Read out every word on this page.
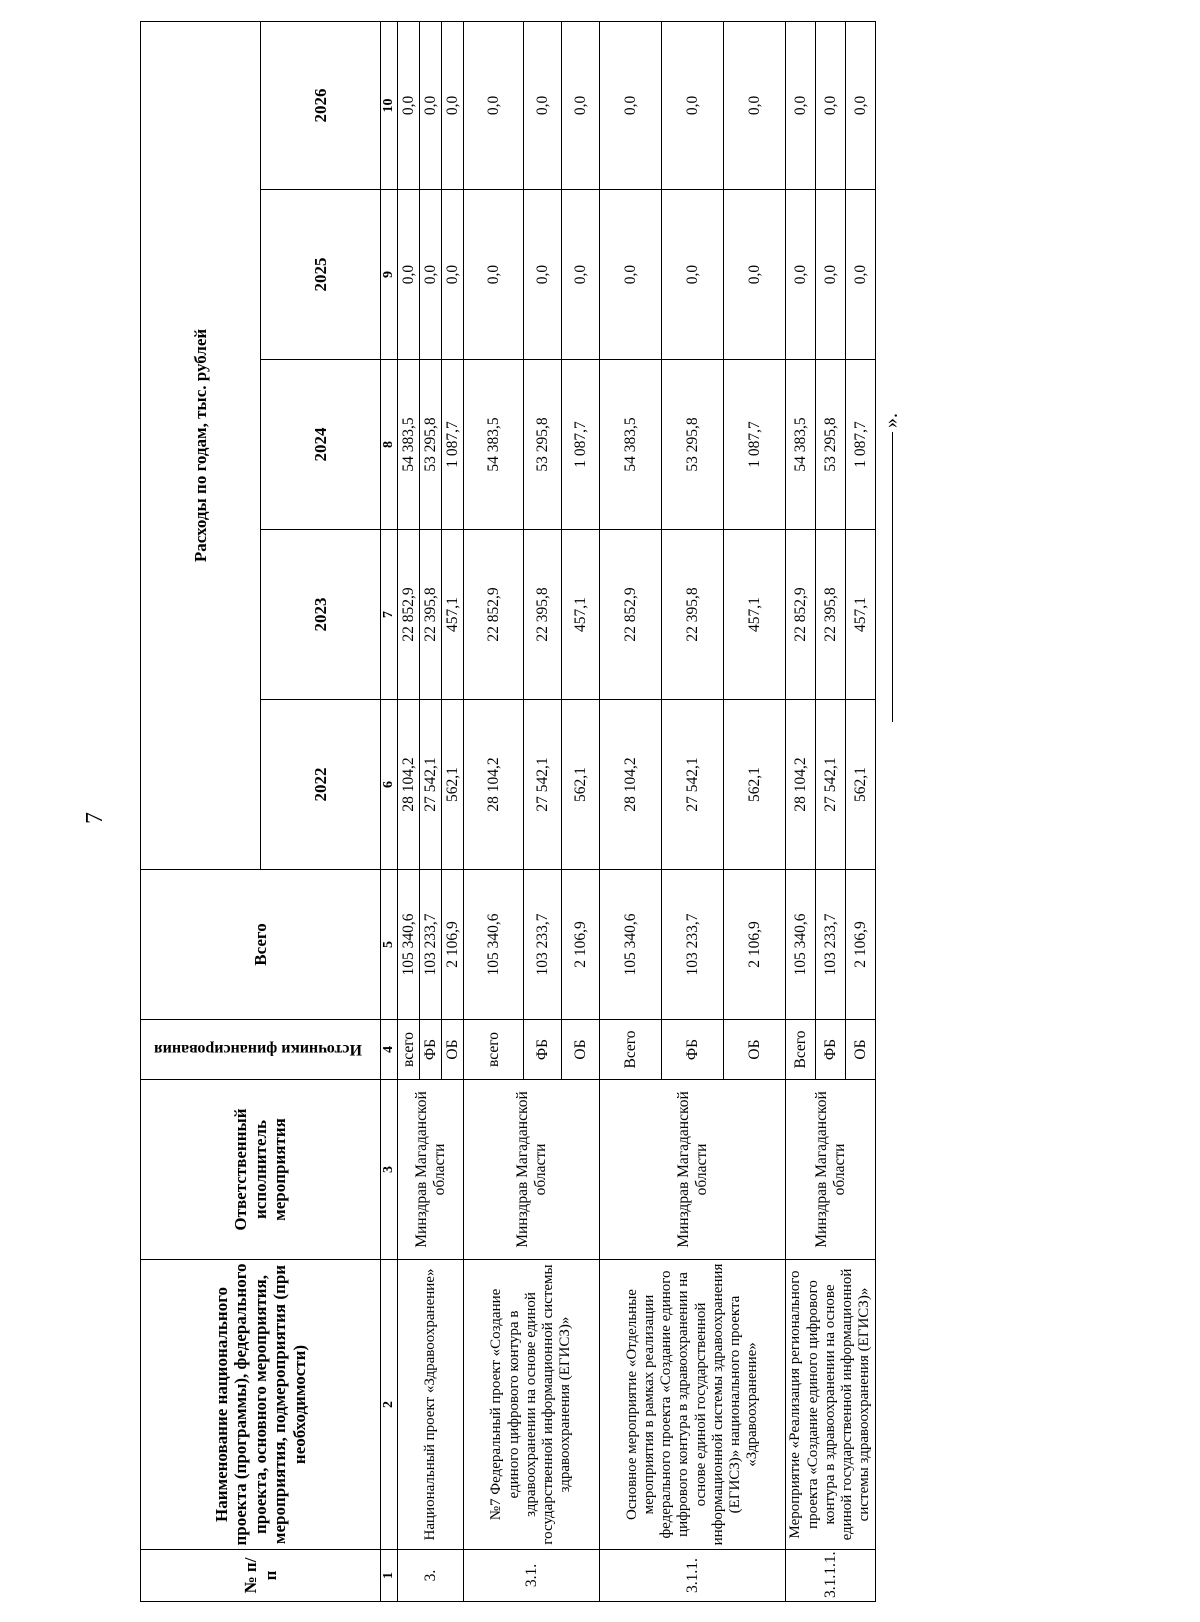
7
№ п/п	Наименование национального проекта (программы), федерального проекта, основного мероприятия, мероприятия, подмероприятия (при необходимости)	Ответственный исполнитель мероприятия	Источники финансирования	Всего	Расходы по годам, тыс. рублей				
					2022	2023	2024	2025	2026
1	2	3	4	5	6	7	8	9	10
3.	Национальный проект «Здравоохранение»	Минздрав Магаданской области	всего	105 340,6	28 104,2	22 852,9	54 383,5	0,0	0,0
			ФБ	103 233,7	27 542,1	22 395,8	53 295,8	0,0	0,0
			ОБ	2 106,9	562,1	457,1	1 087,7	0,0	0,0
3.1.	№7 Федеральный проект «Создание единого цифрового контура в здравоохранении на основе единой государственной информационной системы здравоохранения (ЕГИСЗ)»	Минздрав Магаданской области	всего	105 340,6	28 104,2	22 852,9	54 383,5	0,0	0,0
			ФБ	103 233,7	27 542,1	22 395,8	53 295,8	0,0	0,0
			ОБ	2 106,9	562,1	457,1	1 087,7	0,0	0,0
3.1.1.	Основное мероприятие «Отдельные мероприятия в рамках реализации федерального проекта «Создание единого цифрового контура в здравоохранении на основе единой государственной информационной системы здравоохранения (ЕГИСЗ)» национального проекта «Здравоохранение»	Минздрав Магаданской области	Всего	105 340,6	28 104,2	22 852,9	54 383,5	0,0	0,0
			ФБ	103 233,7	27 542,1	22 395,8	53 295,8	0,0	0,0
			ОБ	2 106,9	562,1	457,1	1 087,7	0,0	0,0
3.1.1.1.	Мероприятие «Реализация регионального проекта «Создание единого цифрового контура в здравоохранении на основе единой государственной информационной системы здравоохранения (ЕГИСЗ)»	Минздрав Магаданской области	Всего	105 340,6	28 104,2	22 852,9	54 383,5	0,0	0,0
			ФБ	103 233,7	27 542,1	22 395,8	53 295,8	0,0	0,0
			ОБ	2 106,9	562,1	457,1	1 087,7	0,0	0,0
».
